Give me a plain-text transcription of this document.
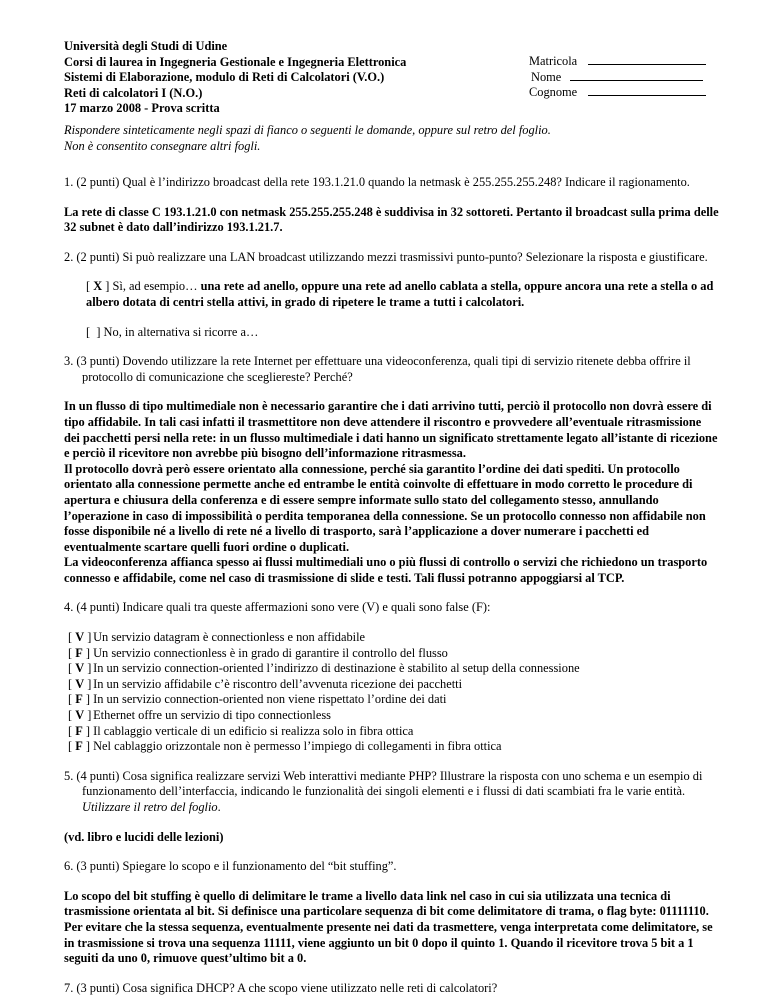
Università degli Studi di Udine
Corsi di laurea in Ingegneria Gestionale e Ingegneria Elettronica
Sistemi di Elaborazione, modulo di Reti di Calcolatori (V.O.)
Reti di calcolatori I (N.O.)
17 marzo 2008 - Prova scritta
Matricola
Nome
Cognome
Rispondere sinteticamente negli spazi di fianco o seguenti le domande, oppure sul retro del foglio.
Non è consentito consegnare altri fogli.

1. (2 punti) Qual è l’indirizzo broadcast della rete 193.1.21.0 quando la netmask è 255.255.255.248? Indicare il ragionamento.

La rete di classe C 193.1.21.0 con netmask 255.255.255.248 è suddivisa in 32 sottoreti. Pertanto il broadcast sulla prima delle 32 subnet è dato dall’indirizzo 193.1.21.7.

2. (2 punti) Si può realizzare una LAN broadcast utilizzando mezzi trasmissivi punto-punto? Selezionare la risposta e giustificare.

[ X ] Sì, ad esempio… una rete ad anello, oppure una rete ad anello cablata a stella, oppure ancora una rete a stella o ad albero dotata di centri stella attivi, in grado di ripetere le trame a tutti i calcolatori.

[  ] No, in alternativa si ricorre a…

3. (3 punti) Dovendo utilizzare la rete Internet per effettuare una videoconferenza, quali tipi di servizio ritenete debba offrire il protocollo di comunicazione che scegliereste? Perché?

In un flusso di tipo multimediale non è necessario garantire che i dati arrivino tutti, perciò il protocollo non dovrà essere di tipo affidabile. In tali casi infatti il trasmettitore non deve attendere il riscontro e provvedere all’eventuale ritrasmissione dei pacchetti persi nella rete: in un flusso multimediale i dati hanno un significato strettamente legato all’istante di ricezione e perciò il ricevitore non avrebbe più bisogno dell’informazione ritrasmessa.

Il protocollo dovrà però essere orientato alla connessione, perché sia garantito l’ordine dei dati spediti. Un protocollo orientato alla connessione permette anche ed entrambe le entità coinvolte di effettuare in modo corretto le procedure di apertura e chiusura della conferenza e di essere sempre informate sullo stato del collegamento stesso, annullando l’operazione in caso di impossibilità o perdita temporanea della connessione. Se un protocollo connesso non affidabile non fosse disponibile né a livello di rete né a livello di trasporto, sarà l’applicazione a dover numerare i pacchetti ed eventualmente scartare quelli fuori ordine o duplicati.

La videoconferenza affianca spesso ai flussi multimediali uno o più flussi di controllo o servizi che richiedono un trasporto connesso e affidabile, come nel caso di trasmissione di slide e testi. Tali flussi potranno appoggiarsi al TCP.

4. (4 punti) Indicare quali tra queste affermazioni sono vere (V) e quali sono false (F):

[ V ] Un servizio datagram è connectionless e non affidabile
[ F ] Un servizio connectionless è in grado di garantire il controllo del flusso
[ V ] In un servizio connection-oriented l’indirizzo di destinazione è stabilito al setup della connessione
[ V ] In un servizio affidabile c’è riscontro dell’avvenuta ricezione dei pacchetti
[ F ] In un servizio connection-oriented non viene rispettato l’ordine dei dati
[ V ] Ethernet offre un servizio di tipo connectionless
[ F ] Il cablaggio verticale di un edificio si realizza solo in fibra ottica
[ F ] Nel cablaggio orizzontale non è permesso l’impiego di collegamenti in fibra ottica

5. (4 punti) Cosa significa realizzare servizi Web interattivi mediante PHP? Illustrare la risposta con uno schema e un esempio di funzionamento dell’interfaccia, indicando le funzionalità dei singoli elementi e i flussi di dati scambiati fra le varie entità. Utilizzare il retro del foglio.

(vd. libro e lucidi delle lezioni)

6. (3 punti) Spiegare lo scopo e il funzionamento del “bit stuffing”.

Lo scopo del bit stuffing è quello di delimitare le trame a livello data link nel caso in cui sia utilizzata una tecnica di trasmissione orientata al bit. Si definisce una particolare sequenza di bit come delimitatore di trama, o flag byte: 01111110. Per evitare che la stessa sequenza, eventualmente presente nei dati da trasmettere, venga interpretata come delimitatore, se in trasmissione si trova una sequenza 11111, viene aggiunto un bit 0 dopo il quinto 1. Quando il ricevitore trova 5 bit a 1 seguiti da uno 0, rimuove quest’ultimo bit a 0.

7. (3 punti) Cosa significa DHCP? A che scopo viene utilizzato nelle reti di calcolatori?
